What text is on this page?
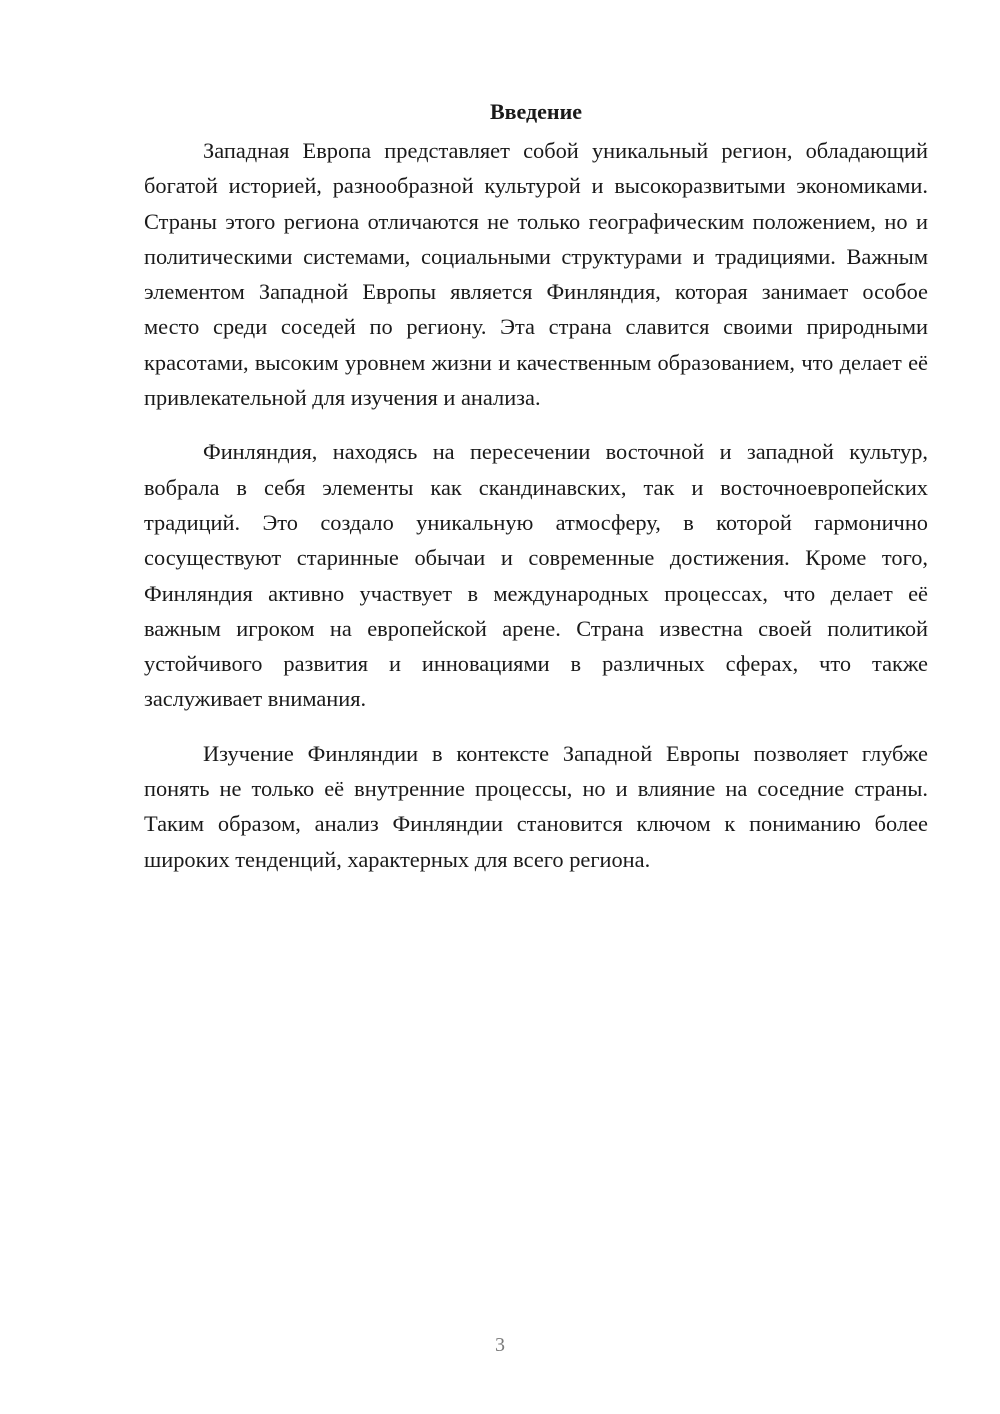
Введение

Западная Европа представляет собой уникальный регион, обладающий богатой историей, разнообразной культурой и высокоразвитыми экономиками. Страны этого региона отличаются не только географическим положением, но и политическими системами, социальными структурами и традициями. Важным элементом Западной Европы является Финляндия, которая занимает особое место среди соседей по региону. Эта страна славится своими природными красотами, высоким уровнем жизни и качественным образованием, что делает её привлекательной для изучения и анализа.

Финляндия, находясь на пересечении восточной и западной культур, вобрала в себя элементы как скандинавских, так и восточноевропейских традиций. Это создало уникальную атмосферу, в которой гармонично сосуществуют старинные обычаи и современные достижения. Кроме того, Финляндия активно участвует в международных процессах, что делает её важным игроком на европейской арене. Страна известна своей политикой устойчивого развития и инновациями в различных сферах, что также заслуживает внимания.

Изучение Финляндии в контексте Западной Европы позволяет глубже понять не только её внутренние процессы, но и влияние на соседние страны. Таким образом, анализ Финляндии становится ключом к пониманию более широких тенденций, характерных для всего региона.

3
